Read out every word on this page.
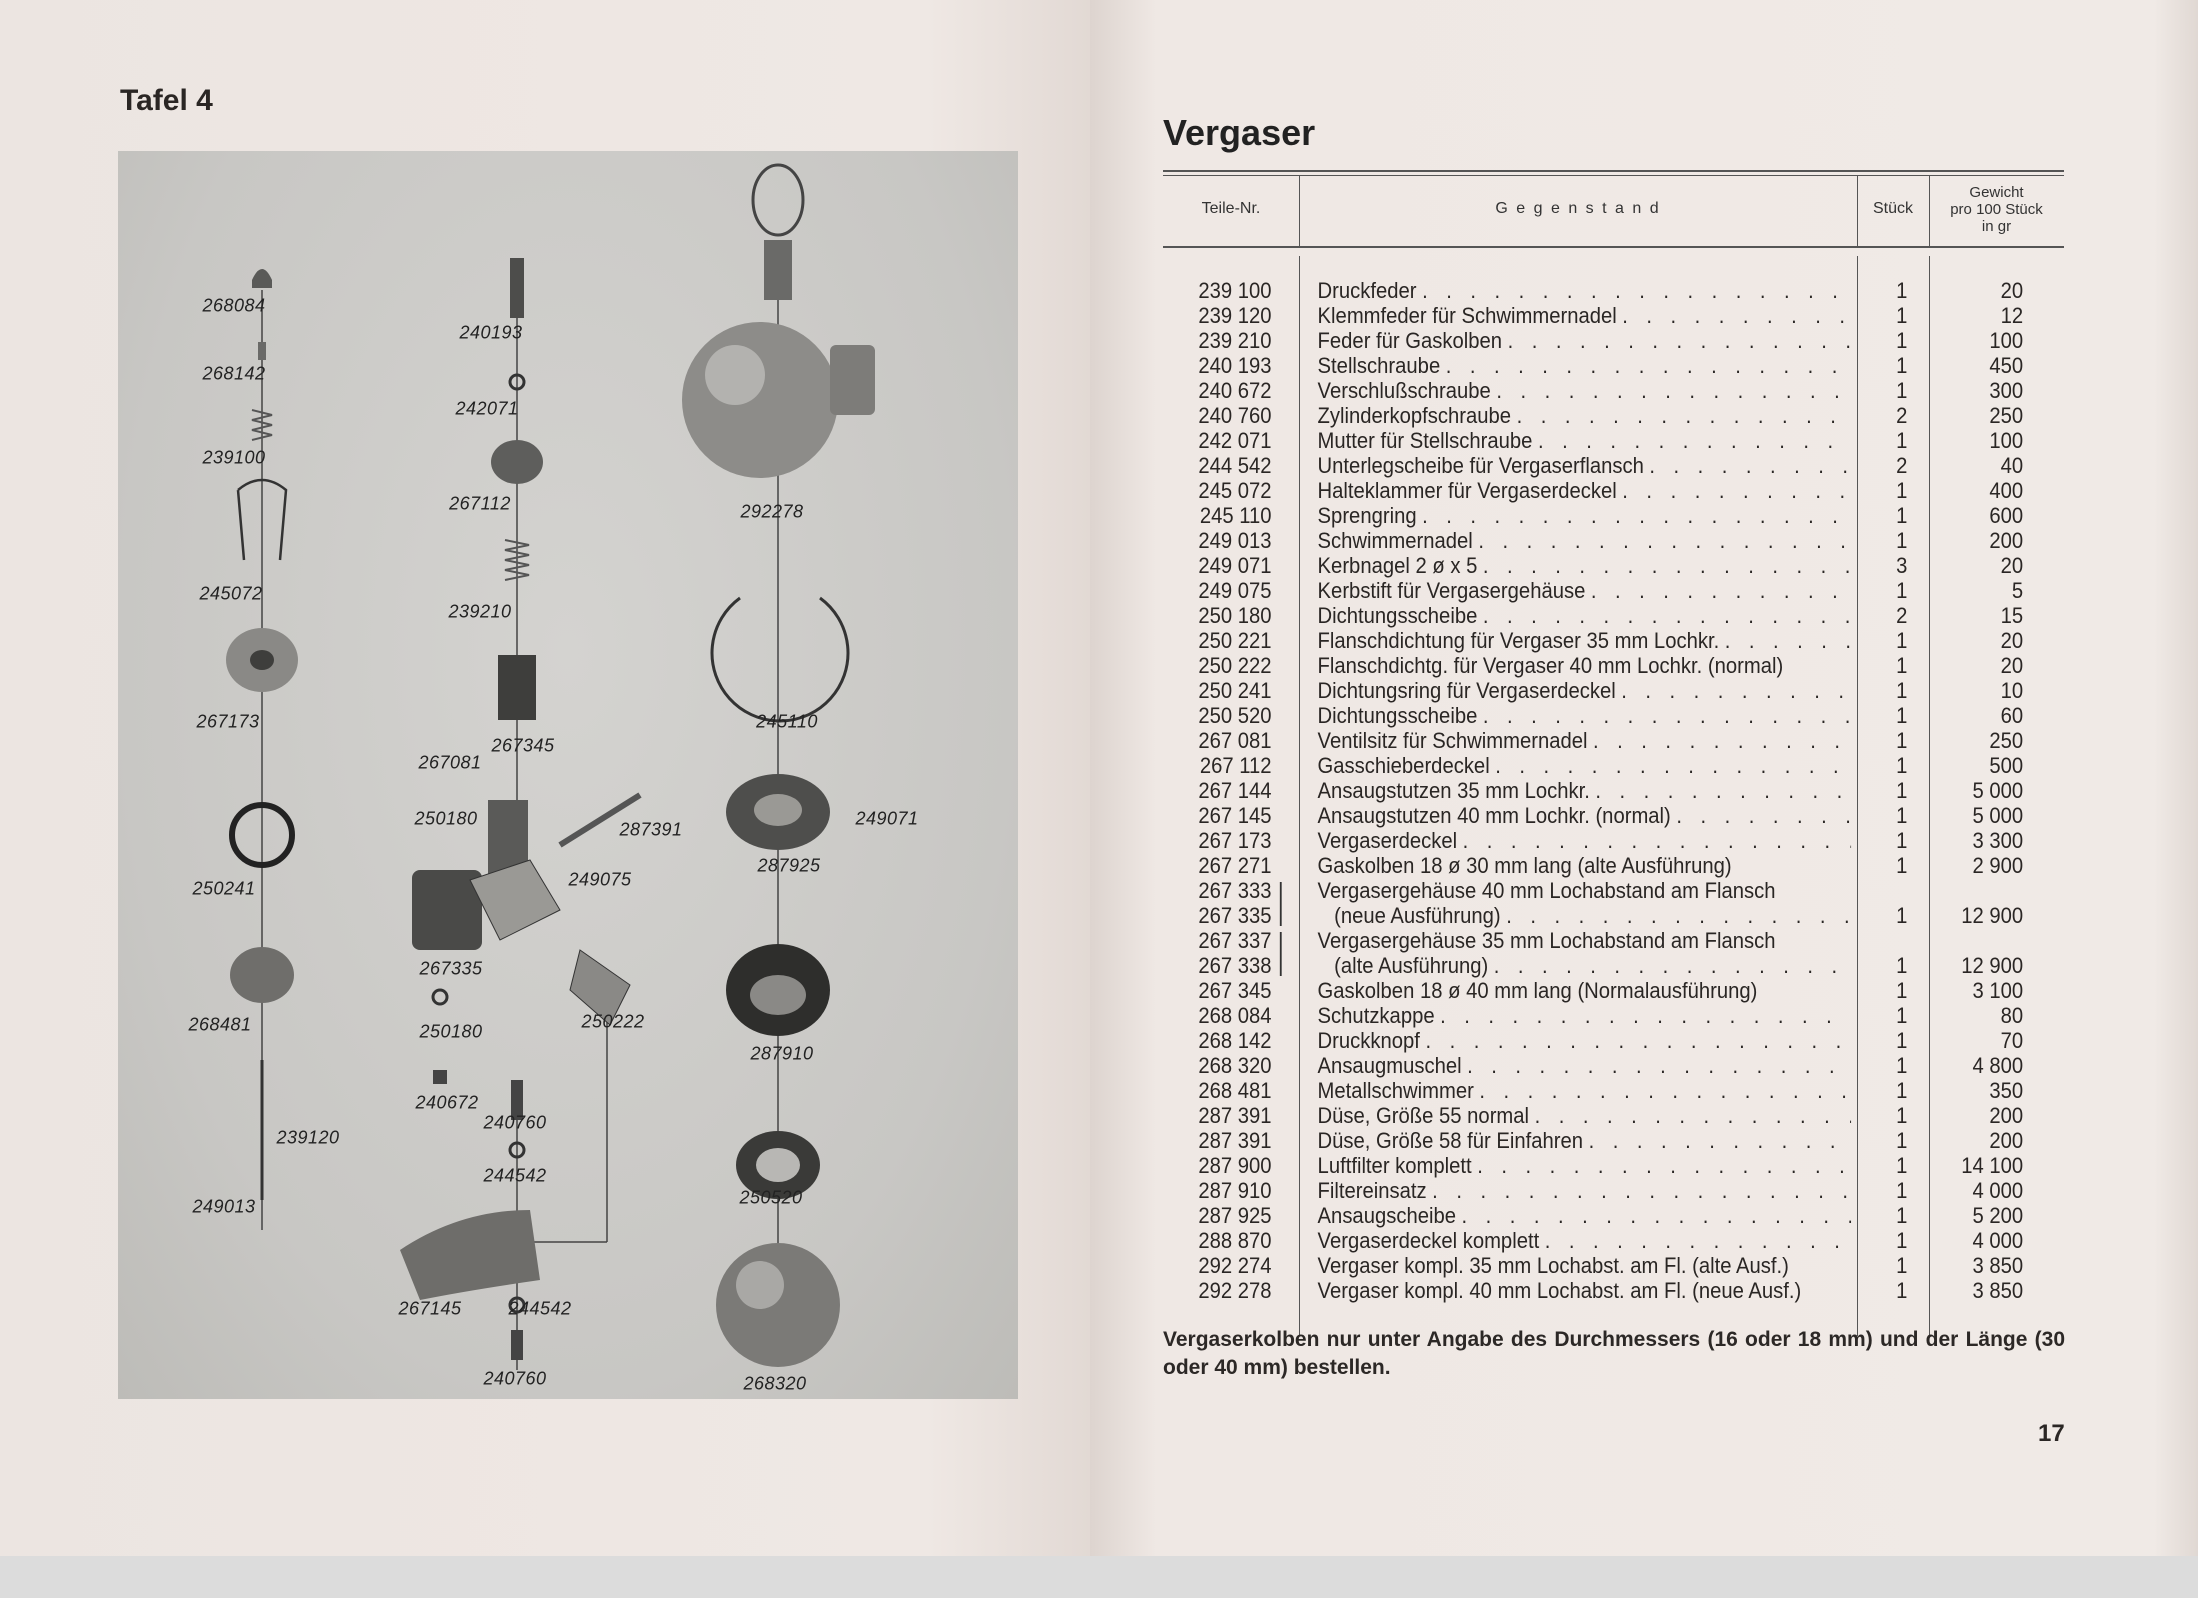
Tafel 4
268084
268142
239100
245072
267173
250241
268481
239120
249013
240193
242071
267112
239210
267345
267081
250180
287391
249075
267335
250180	250222
240672
240760
244542
267145	244542
240760
292278
245110
249071
287925
287910
250520
268320
Vergaser
Teile-Nr.	G e g e n s t a n d	Stück
Gewicht
pro 100 Stück
in gr
239 100 Druckfeder . . .	1	20
239 120 Klemmfeder für Schwimmernadel . . .	1	12
239 210 Feder für Gaskolben . . .	1	100
240 193 Stellschraube . . .	1	450
240 672 Verschlußschraube . . .	1	300
240 760 Zylinderkopfschraube . . .	2	250
242 071 Mutter für Stellschraube . . .	1	100
244 542 Unterlegscheibe für Vergaserflansch . . .	2	40
245 072 Halteklammer für Vergaserdeckel . . .	1	400
245 110 Sprengring . . .	1	600
249 013 Schwimmernadel . . .	1	200
249 071 Kerbnagel 2 ø x 5 . . .	3	20
249 075 Kerbstift für Vergasergehäuse . . .	1	5
250 180 Dichtungsscheibe . . .	2	15
250 221 Flanschdichtung für Vergaser 35 mm Lochkr. . . .	1	20
250 222 Flanschdichtg. für Vergaser 40 mm Lochkr. (normal)	1	20
250 241 Dichtungsring für Vergaserdeckel . . .	1	10
250 520 Dichtungsscheibe . . .	1	60
267 081 Ventilsitz für Schwimmernadel . . .	1	250
267 112 Gasschieberdeckel . . .	1	500
267 144 Ansaugstutzen 35 mm Lochkr. . . .	1	5 000
267 145 Ansaugstutzen 40 mm Lochkr. (normal) . . .	1	5 000
267 173 Vergaserdeckel . . .	1	3 300
267 271 Gaskolben 18 ø 30 mm lang (alte Ausführung)	1	2 900
267 333 Vergasergehäuse 40 mm Lochabstand am Flansch
267 335	(neue Ausführung) . . .	1	12 900
267 337 Vergasergehäuse 35 mm Lochabstand am Flansch
267 338	(alte Ausführung) . . .	1	12 900
267 345 Gaskolben 18 ø 40 mm lang (Normalausführung)	1	3 100
268 084 Schutzkappe . . .	1	80
268 142 Druckknopf . . .	1	70
268 320 Ansaugmuschel . . .	1	4 800
268 481 Metallschwimmer . . .	1	350
287 391 Düse, Größe 55 normal . . .	1	200
287 391 Düse, Größe 58 für Einfahren . . .	1	200
287 900 Luftfilter komplett . . .	1	14 100
287 910 Filtereinsatz . . .	1	4 000
287 925 Ansaugscheibe . . .	1	5 200
288 870 Vergaserdeckel komplett . . .	1	4 000
292 274 Vergaser kompl. 35 mm Lochabst. am Fl. (alte Ausf.)	1	3 850
292 278 Vergaser kompl. 40 mm Lochabst. am Fl. (neue Ausf.)	1	3 850
Vergaserkolben nur unter Angabe des Durchmessers (16 oder 18 mm) und der Länge (30 oder 40 mm) bestellen.
17
